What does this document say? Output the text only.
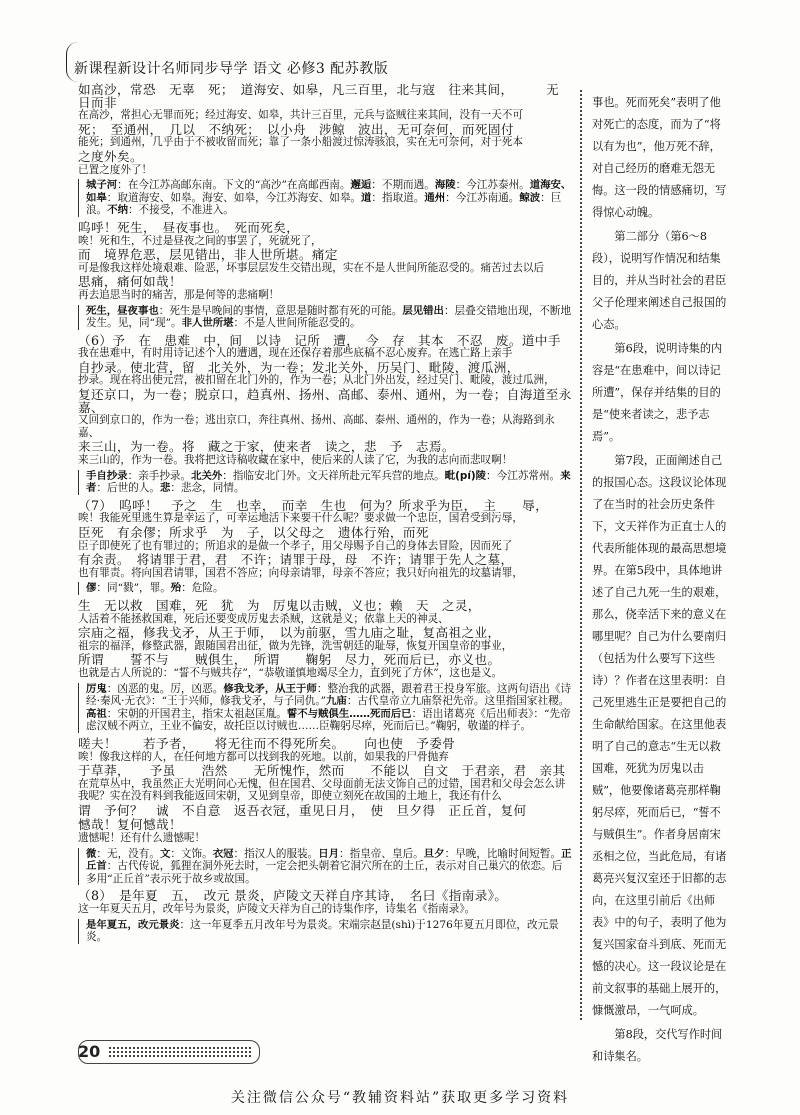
新课程新设计名师同步导学 语文 必修3 配苏教版
如高沙，常恐　无辜　死；　道海安、如皋，凡三百里，北与寇　往来其间，　　　无　日而非
在高沙，常担心无罪而死；经过海安、如皋，共计三百里，元兵与盗贼往来其间，没有一天不可
死；　至通州，　几以　不纳死；　以小舟　涉鲸　波出，无可奈何，而死固付
能死；到通州，几乎由于不被收留而死；靠了一条小船渡过惊涛骇浪，实在无可奈何，对于死本
之度外矣。
已置之度外了！
城子河：在今江苏高邮东南。下文的“高沙”在高邮西南。邂逅：不期而遇。海陵：今江苏泰州。道海安、如皋：取道海安、如皋。海安、如皋，今江苏海安、如皋。道：指取道。通州：今江苏南通。鲸波：巨浪。不纳：不接受，不准进入。
呜呼！死生，　昼夜事也。　死而死矣，
唉！死和生，不过是昼夜之间的事罢了，死就死了，
而　境界危恶，层见错出，非人世所堪。痛定
可是像我这样处境艰难、险恶，坏事层层发生交错出现，实在不是人世间所能忍受的。痛苦过去以后
思痛，痛何如哉！
再去追思当时的痛苦，那是何等的悲痛啊！
死生，昼夜事也：死生是早晚间的事情，意思是随时都有死的可能。层见错出：层叠交错地出现，不断地发生。见，同“现”。非人世所堪：不是人世间所能忍受的。
（6）予　在　患难　中，间　以诗　记所　遭，　今　存　其本　不忍　废。道中手
我在患难中，有时用诗记述个人的遭遇，现在还保存着那些底稿不忍心废弃。在逃亡路上亲手
自抄录。使北营，留　北关外，为一卷；发北关外，历吴门、毗陵，渡瓜洲，
抄录。现在将出使元营，被扣留在北门外的，作为一卷；从北门外出发，经过吴门、毗陵，渡过瓜洲，
复还京口，为一卷；脱京口，趋真州、扬州、高邮、泰州、通州，为一卷；自海道至永嘉、
又回到京口的，作为一卷；逃出京口，奔往真州、扬州、高邮、泰州、通州的，作为一卷；从海路到永嘉、
来三山，为一卷。将　藏之于家，使来者　读之，悲　予　志焉。
来三山的，作为一卷。我将把这诗稿收藏在家中，使后来的人读了它，为我的志向而悲叹啊！
手自抄录：亲手抄录。北关外：指临安北门外。文天祥所赴元军兵营的地点。毗(pí)陵：今江苏常州。来者：后世的人。悲：悲念，同情。
（7）　呜呼！　予之　生　也幸，　而幸　生也　何为？所求乎为臣，　主　　辱，
唉！我能死里逃生算是幸运了，可幸运地活下来要干什么呢？要求做一个忠臣，国君受到污辱，
臣死　有余僇；所求乎　为　子，以父母之　遗体行殆，而死
臣子即使死了也有罪过的；所追求的是做一个孝子，用父母赐予自己的身体去冒险，因而死了
有余责。　将请罪于君，君　不许；请罪于母，母　不许；请罪于先人之墓，
也有罪责。将向国君请罪，国君不答应；向母亲请罪，母亲不答应；我只好向祖先的坟墓请罪，
僇：同“戮”，罪。殆：危险。
生　无以救　国难，死　犹　为　厉鬼以击贼，义也；赖　天　之灵，
人活着不能拯救国难，死后还要变成厉鬼去杀贼，这就是义；依靠上天的神灵、
宗庙之福，修我戈矛，从王于师，　以为前驱，雪九庙之耻，复高祖之业，
祖宗的福泽，修整武器，跟随国君出征，做为先锋，洗雪朝廷的耻辱，恢复开国皇帝的事业，
所谓　　誓不与　　贼俱生，　所谓　　鞠躬　尽力，死而后已，亦义也。
也就是古人所说的：“誓不与贼共存”，“恭敬谨慎地竭尽全力，直到死了方休”，这也是义。
厉鬼：凶恶的鬼。厉，凶恶。修我戈矛，从王于师：整治我的武器，跟着君王投身军旅。这两句语出《诗经·秦风·无衣》：“王于兴师，修我戈矛，与子同仇。”九庙：古代皇帝立九庙祭祀先帝。这里指国家社稷。高祖：宋朝的开国君主，指宋太祖赵匡胤。誓不与贼俱生……死而后已：语出诸葛亮《后出师表》：“先帝虑汉贼不两立，王业不偏安，故托臣以讨贼也……臣鞠躬尽瘁，死而后已。”鞠躬，敬谨的样子。
嗟夫！　　若予者，　　将无往而不得死所矣。　　向也使　予委骨
唉！像我这样的人，在任何地方都可以找到我的死地。以前，如果我的尸骨抛弃
于草莽，　　予虽　　浩然　　无所愧怍，然而　　不能以　自文　于君亲，君　亲其
在荒草丛中，我虽然正大光明问心无愧，但在国君、父母面前无法文饰自己的过错，国君和父母会怎么讲我呢？实在没有料到我能返回宋朝，又见到皇帝，即使立刻死在故国的土地上，我还有什么
谓　予何？　诚　不自意　返吾衣冠，重见日月，　使　旦夕得　正丘首，复何
憾哉！复何憾哉！
遗憾呢！还有什么遗憾呢！
微：无，没有。文：文饰。衣冠：指汉人的服装。日月：指皇帝、皇后。旦夕：早晚，比喻时间短暂。正丘首：古代传说，狐狸在洞外死去时，一定会把头朝着它洞穴所在的土丘，表示对自己巢穴的依恋。后多用“正丘首”表示死于故乡或故国。
（8）　是年夏　五，　改元 景炎，庐陵文天祥自序其诗，　名曰《指南录》。
这一年夏天五月，改年号为景炎，庐陵文天祥为自己的诗集作序，诗集名《指南录》。
是年夏五，改元景炎：这一年夏季五月改年号为景炎。宋端宗赵昰(shì)于1276年夏五月即位，改元景炎。

事也。死而死矣”表明了他对死亡的态度，而为了“将以有为也”，他万死不辞，对自己经历的磨难无怨无悔。这一段的情感痛切，写得惊心动魄。

第二部分（第6～8段），说明写作情况和结集目的，并从当时社会的君臣父子伦理来阐述自己报国的心态。

第6段，说明诗集的内容是“在患难中，间以诗记所遭”，保存并结集的目的是“使来者读之，悲予志焉”。

第7段，正面阐述自己的报国心态。这段议论体现了在当时的社会历史条件下，文天祥作为正直士人的代表所能体现的最高思想境界。在第5段中，具体地讲述了自己九死一生的艰难，那么，侥幸活下来的意义在哪里呢？自己为什么要南归（包括为什么要写下这些诗）？作者在这里表明：自己死里逃生正是要把自己的生命献给国家。在这里他表明了自己的意志“生无以救国难，死犹为厉鬼以击贼”，他要像诸葛亮那样鞠躬尽瘁，死而后已，“誓不与贼俱生”。作者身居南宋丞相之位，当此危局，有诸葛亮兴复汉室还于旧都的志向，在这里引前后《出师表》中的句子，表明了他为复兴国家奋斗到底、死而无憾的决心。这一段议论是在前文叙事的基础上展开的，慷慨激昂，一气呵成。

第8段，交代写作时间和诗集名。

20
关注微信公众号“教辅资料站”获取更多学习资料
